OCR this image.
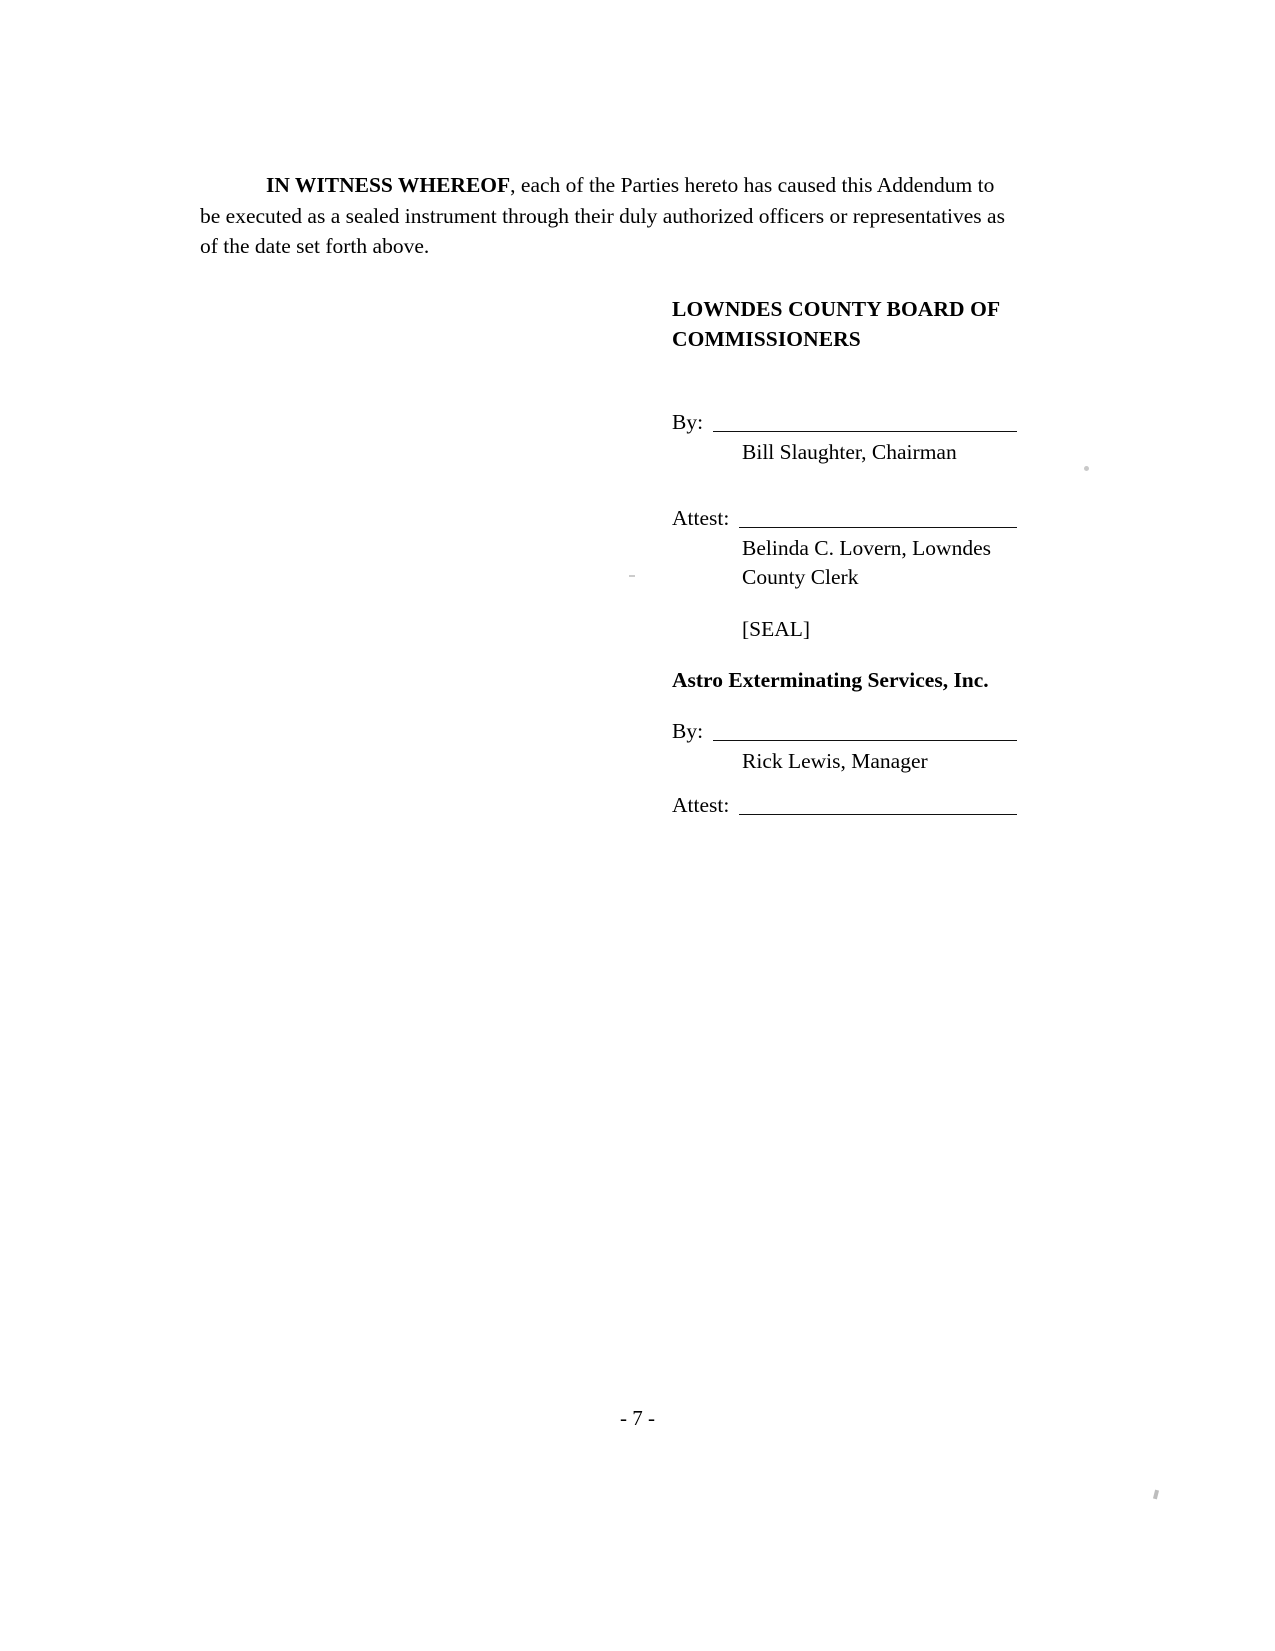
IN WITNESS WHEREOF, each of the Parties hereto has caused this Addendum to be executed as a sealed instrument through their duly authorized officers or representatives as of the date set forth above.

LOWNDES COUNTY BOARD OF COMMISSIONERS
By:
Bill Slaughter, Chairman
Attest:
Belinda C. Lovern, Lowndes County Clerk
[SEAL]
Astro Exterminating Services, Inc.
By:
Rick Lewis, Manager
Attest:
- 7 -
